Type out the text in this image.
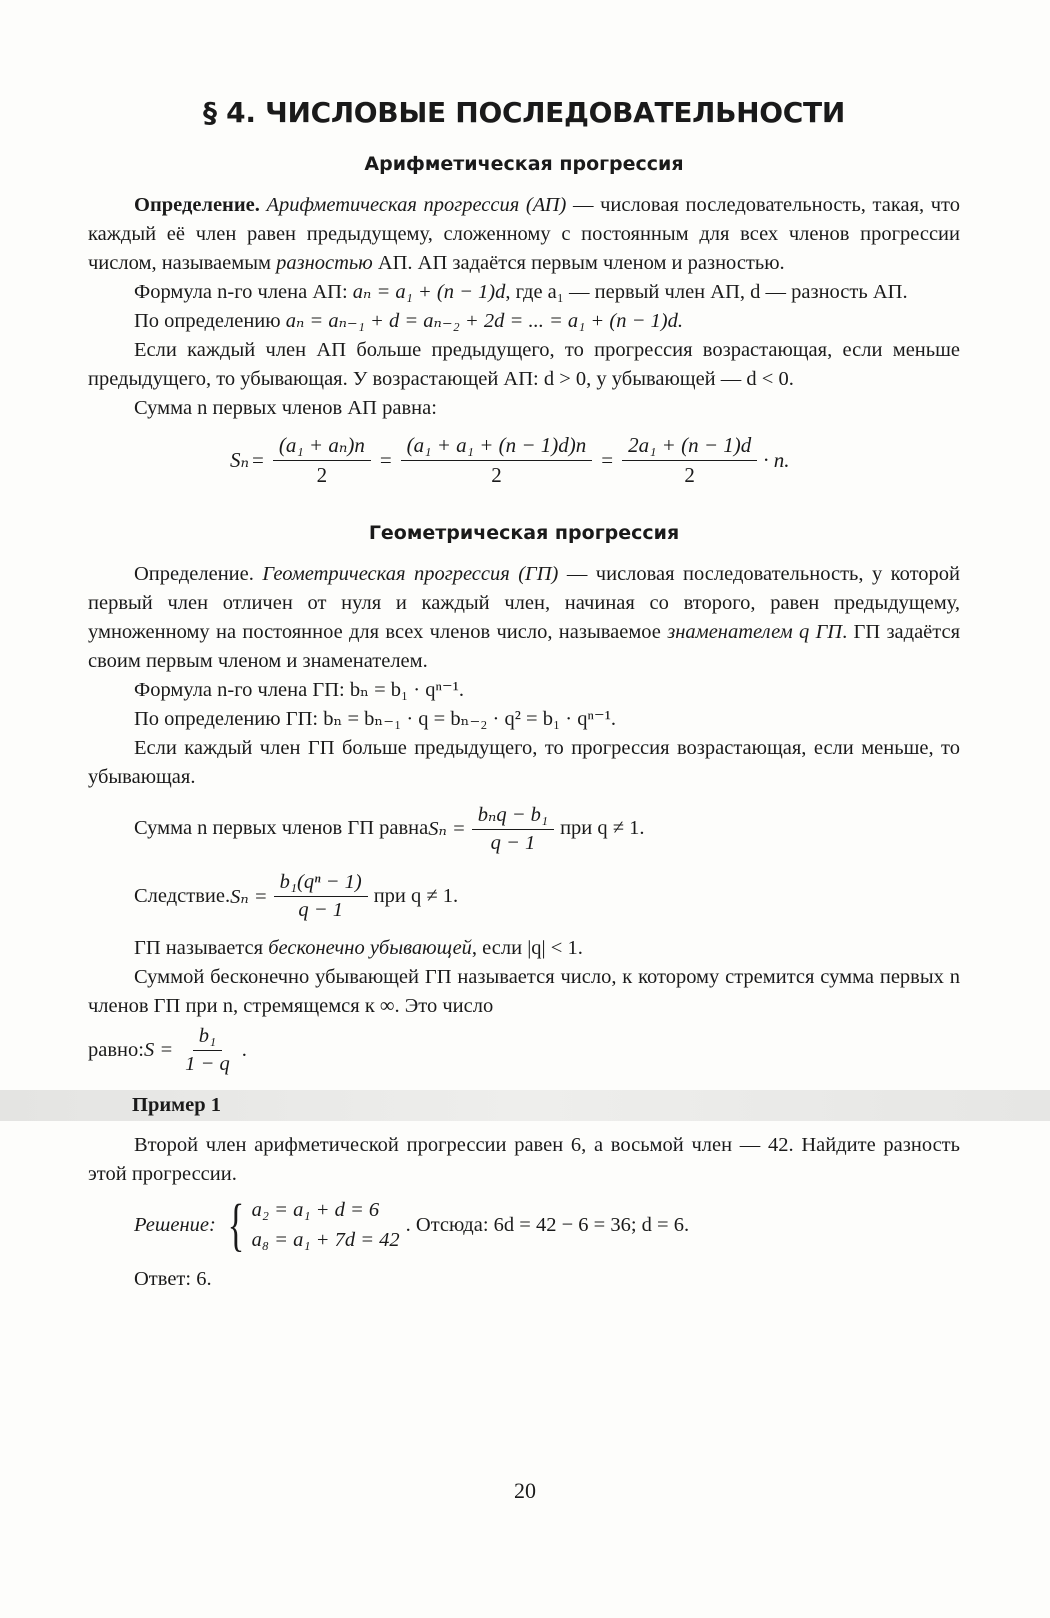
§ 4. ЧИСЛОВЫЕ ПОСЛЕДОВАТЕЛЬНОСТИ
Арифметическая прогрессия

Определение. Арифметическая прогрессия (АП) — числовая последовательность, такая, что каждый её член равен предыдущему, сложенному с постоянным для всех членов прогрессии числом, называемым разностью АП. АП задаётся первым членом и разностью.

Формула n-го члена АП: aₙ = a₁ + (n − 1)d, где a₁ — первый член АП, d — разность АП.

По определению aₙ = aₙ₋₁ + d = aₙ₋₂ + 2d = ... = a₁ + (n − 1)d.

Если каждый член АП больше предыдущего, то прогрессия возрастающая, если меньше предыдущего, то убывающая. У возрастающей АП: d > 0, у убывающей — d < 0.

Сумма n первых членов АП равна:

$S_n = \frac{\text{(a₁ + aₙ)n}}{2} = \frac{\text{(a₁ + a₁ + (n − 1)d)n}}{2} = \frac{\text{2a₁ + (n − 1)d}}{2} \cdot n$.
Геометрическая прогрессия

Определение. Геометрическая прогрессия (ГП) — числовая последовательность, у которой первый член отличен от нуля и каждый член, начиная со второго, равен предыдущему, умноженному на постоянное для всех членов число, называемое знаменателем q ГП. ГП задаётся своим первым членом и знаменателем.

Формула n-го члена ГП: bₙ = b₁ · qⁿ⁻¹.

По определению ГП: bₙ = bₙ₋₁ · q = bₙ₋₂ · q² = b₁ · qⁿ⁻¹.

Если каждый член ГП больше предыдущего, то прогрессия возрастающая, если меньше, то убывающая.

Сумма n первых членов ГП равна $S_n = \frac{\text{bₙq − b₁}}{q - 1}$ при q ≠ 1.
Следствие. $S_n = \frac{\text{b₁(qⁿ − 1)}}{q - 1}$ при q ≠ 1.

ГП называется бесконечно убывающей, если |q| < 1.

Суммой бесконечно убывающей ГП называется число, к которому стремится сумма первых n членов ГП при n, стремящемся к ∞. Это число

равно: $S = \frac{\text{b₁}}{1 - q}$ .
Пример 1

Второй член арифметической прогрессии равен 6, а восьмой член — 42. Найдите разность этой прогрессии.

Решение: { a₂ = a₁ + d = 6
a₈ = a₁ + 7d = 42
. Отсюда: 6d = 42 − 6 = 36; d = 6.

Ответ: 6.

20
